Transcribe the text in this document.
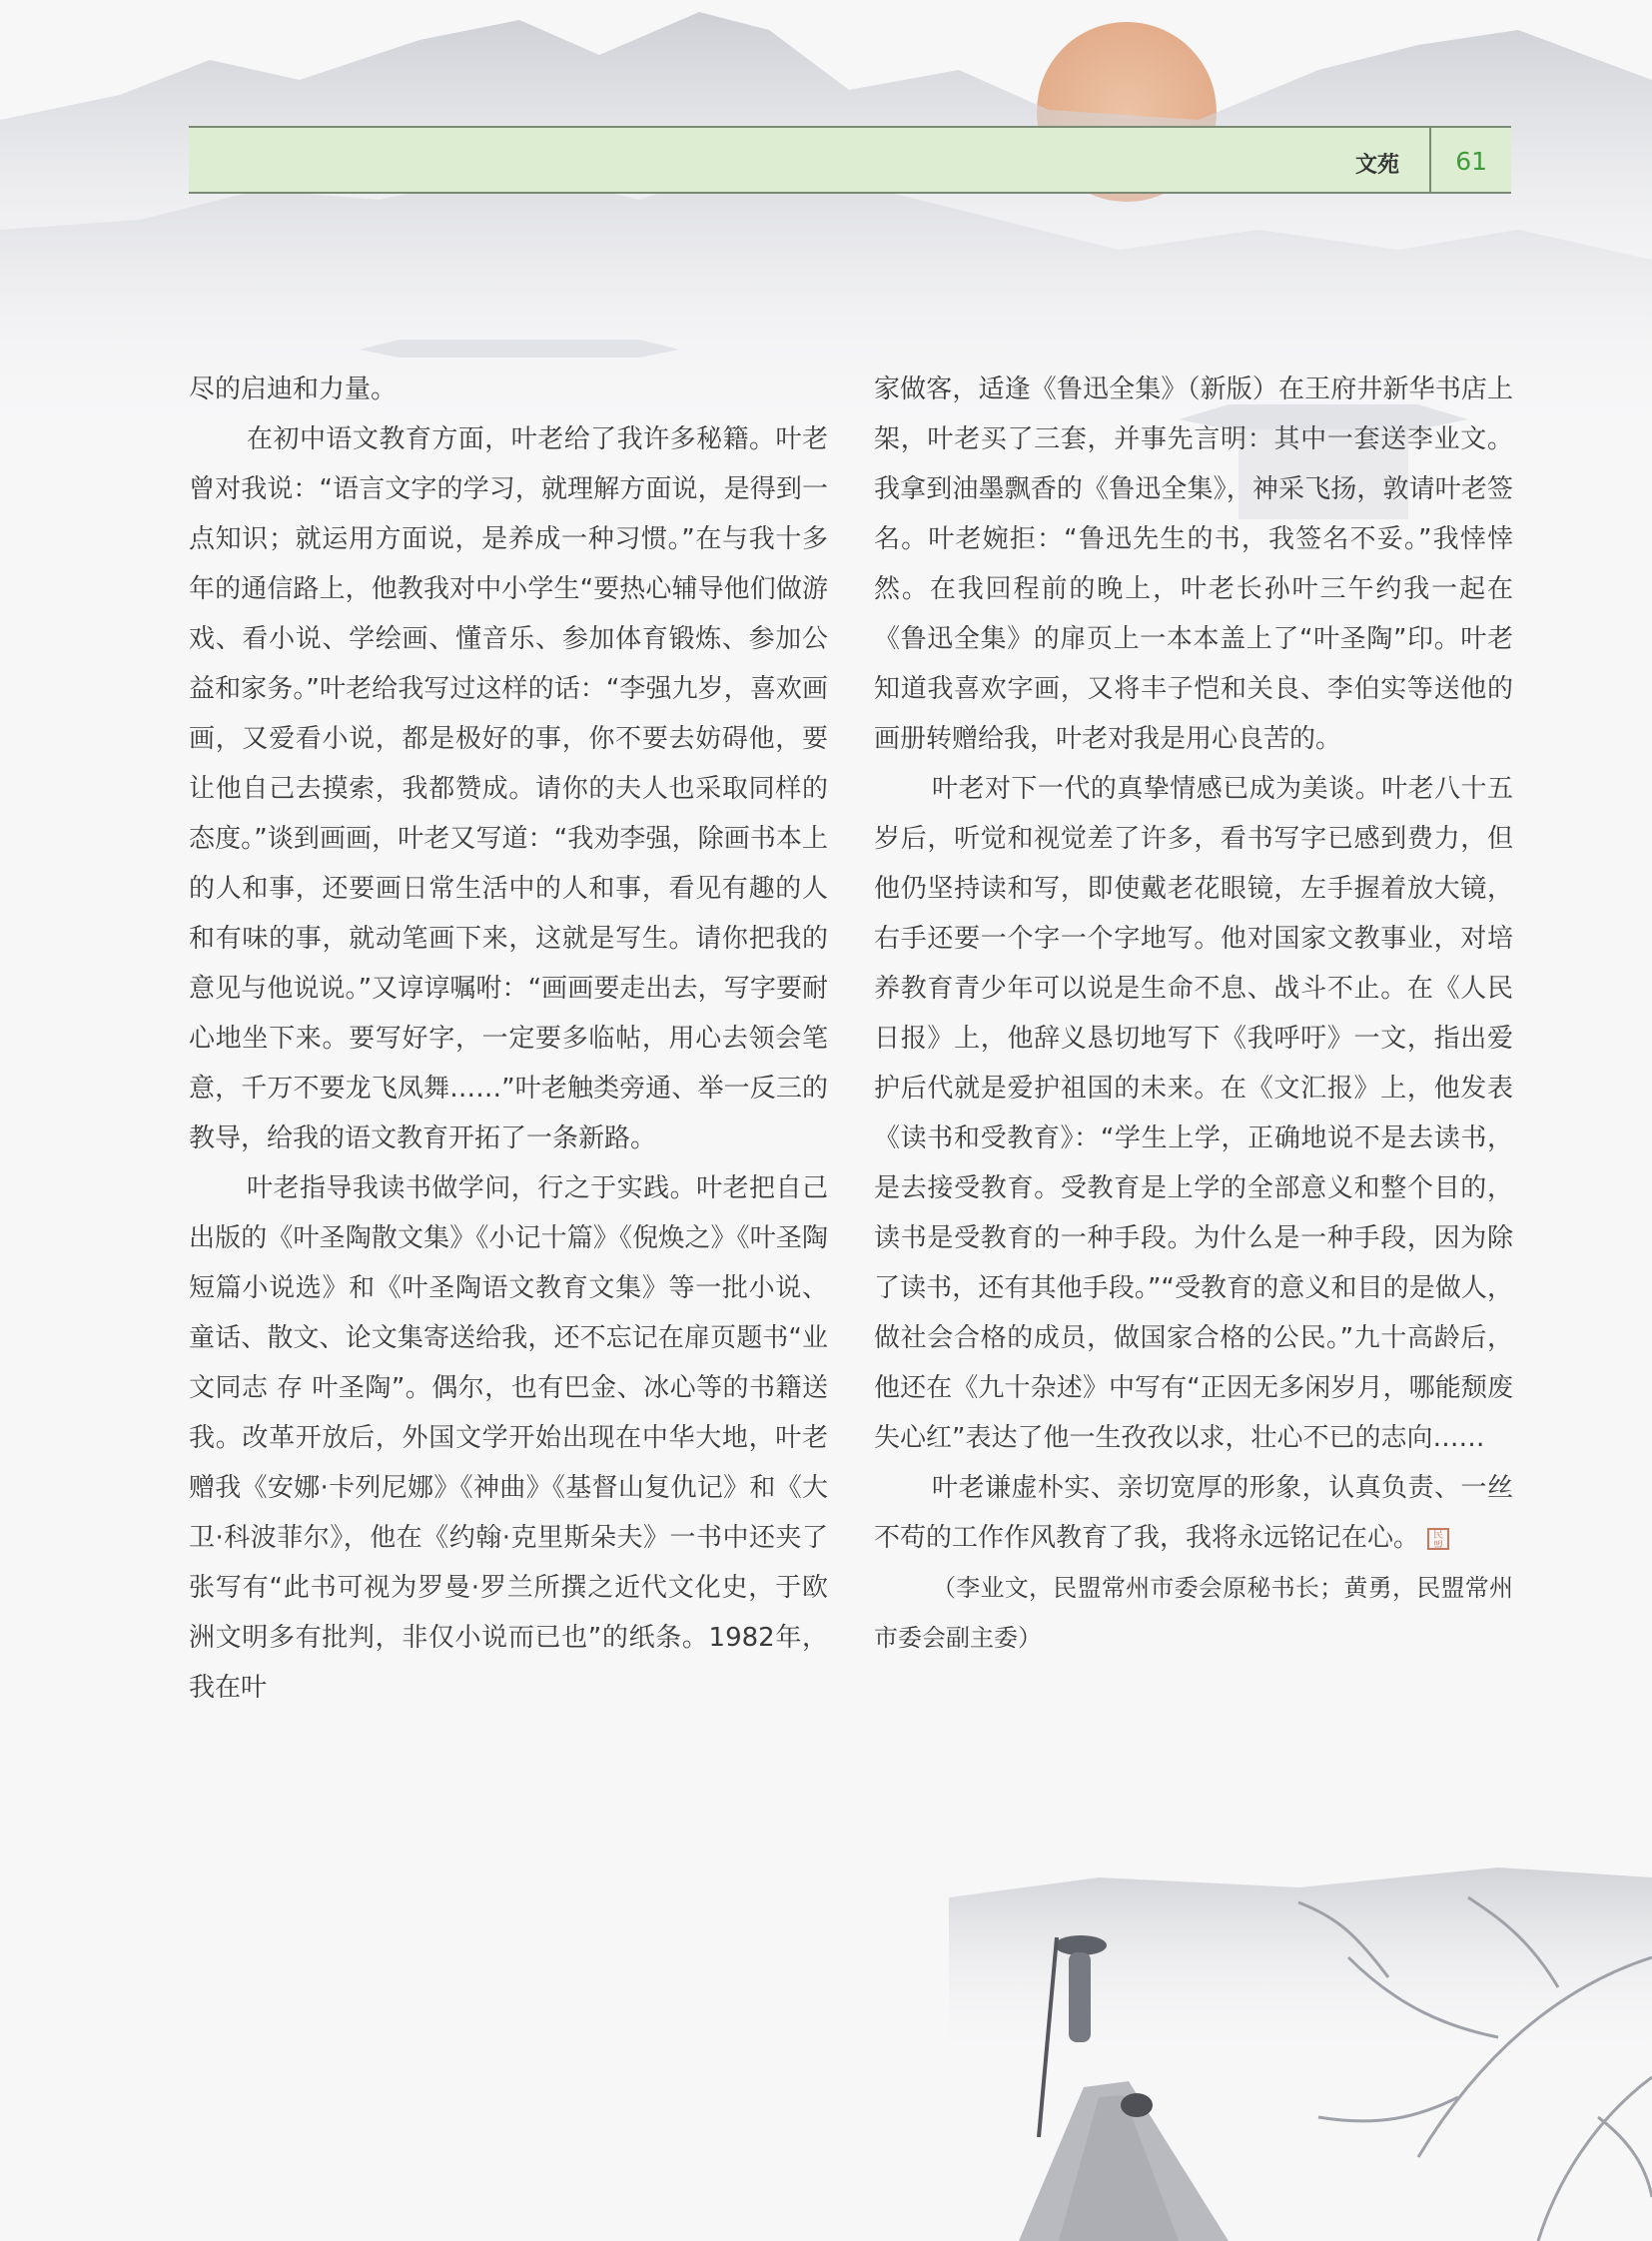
文苑 61

尽的启迪和力量。

在初中语文教育方面，叶老给了我许多秘籍。叶老曾对我说：“语言文字的学习，就理解方面说，是得到一点知识；就运用方面说，是养成一种习惯。”在与我十多年的通信路上，他教我对中小学生“要热心辅导他们做游戏、看小说、学绘画、懂音乐、参加体育锻炼、参加公益和家务。”叶老给我写过这样的话：“李强九岁，喜欢画画，又爱看小说，都是极好的事，你不要去妨碍他，要让他自己去摸索，我都赞成。请你的夫人也采取同样的态度。”谈到画画，叶老又写道：“我劝李强，除画书本上的人和事，还要画日常生活中的人和事，看见有趣的人和有味的事，就动笔画下来，这就是写生。请你把我的意见与他说说。”又谆谆嘱咐：“画画要走出去，写字要耐心地坐下来。要写好字，一定要多临帖，用心去领会笔意，千万不要龙飞凤舞……”叶老触类旁通、举一反三的教导，给我的语文教育开拓了一条新路。

叶老指导我读书做学问，行之于实践。叶老把自己出版的《叶圣陶散文集》《小记十篇》《倪焕之》《叶圣陶短篇小说选》和《叶圣陶语文教育文集》等一批小说、童话、散文、论文集寄送给我，还不忘记在扉页题书“业文同志 存 叶圣陶”。偶尔，也有巴金、冰心等的书籍送我。改革开放后，外国文学开始出现在中华大地，叶老赠我《安娜·卡列尼娜》《神曲》《基督山复仇记》和《大卫·科波菲尔》，他在《约翰·克里斯朵夫》一书中还夹了张写有“此书可视为罗曼·罗兰所撰之近代文化史，于欧洲文明多有批判，非仅小说而已也”的纸条。1982年，我在叶

家做客，适逢《鲁迅全集》（新版）在王府井新华书店上架，叶老买了三套，并事先言明：其中一套送李业文。我拿到油墨飘香的《鲁迅全集》，神采飞扬，敦请叶老签名。叶老婉拒：“鲁迅先生的书，我签名不妥。”我悻悻然。在我回程前的晚上，叶老长孙叶三午约我一起在《鲁迅全集》的扉页上一本本盖上了“叶圣陶”印。叶老知道我喜欢字画，又将丰子恺和关良、李伯实等送他的画册转赠给我，叶老对我是用心良苦的。

叶老对下一代的真挚情感已成为美谈。叶老八十五岁后，听觉和视觉差了许多，看书写字已感到费力，但他仍坚持读和写，即使戴老花眼镜，左手握着放大镜，右手还要一个字一个字地写。他对国家文教事业，对培养教育青少年可以说是生命不息、战斗不止。在《人民日报》上，他辞义恳切地写下《我呼吁》一文，指出爱护后代就是爱护祖国的未来。在《文汇报》上，他发表《读书和受教育》：“学生上学，正确地说不是去读书，是去接受教育。受教育是上学的全部意义和整个目的，读书是受教育的一种手段。为什么是一种手段，因为除了读书，还有其他手段。”“受教育的意义和目的是做人，做社会合格的成员，做国家合格的公民。”九十高龄后，他还在《九十杂述》中写有“正因无多闲岁月，哪能颓废失心红”表达了他一生孜孜以求，壮心不已的志向……

叶老谦虚朴实、亲切宽厚的形象，认真负责、一丝不苟的工作作风教育了我，我将永远铭记在心。 民盟

（李业文，民盟常州市委会原秘书长；黄勇，民盟常州市委会副主委）
